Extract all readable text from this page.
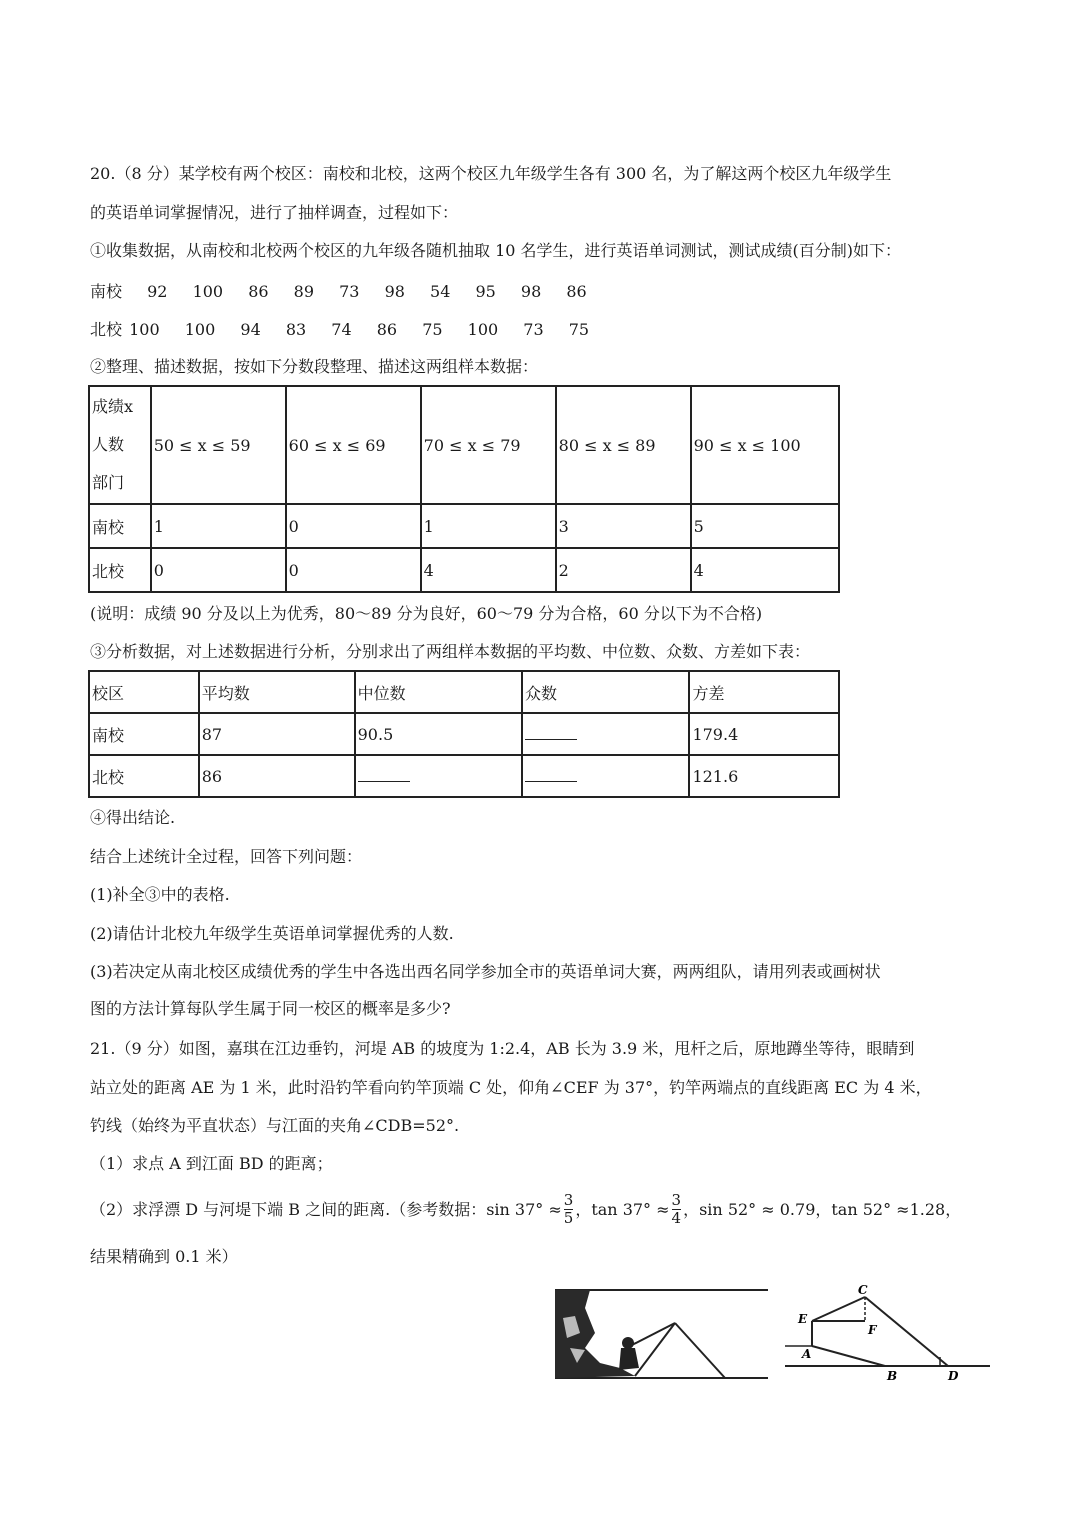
20.（8 分）某学校有两个校区：南校和北校，这两个校区九年级学生各有 300 名，为了解这两个校区九年级学生
的英语单词掌握情况，进行了抽样调查，过程如下：
①收集数据，从南校和北校两个校区的九年级各随机抽取 10 名学生，进行英语单词测试，测试成绩(百分制)如下：
南校 92 100 86 89 73 98 54 95 98 86
北校 100 100 94 83 74 86 75 100 73 75
②整理、描述数据，按如下分数段整理、描述这两组样本数据：
成绩x
人数
部门	50 ≤ x ≤ 59	60 ≤ x ≤ 69	70 ≤ x ≤ 79	80 ≤ x ≤ 89	90 ≤ x ≤ 100
南校	1	0	1	3	5
北校	0	0	4	2	4
(说明：成绩 90 分及以上为优秀，80～89 分为良好，60～79 分为合格，60 分以下为不合格)
③分析数据，对上述数据进行分析，分别求出了两组样本数据的平均数、中位数、众数、方差如下表：
校区	平均数	中位数	众数	方差
南校	87	90.5		179.4
北校	86			121.6
④得出结论.
结合上述统计全过程，回答下列问题：
(1)补全③中的表格.
(2)请估计北校九年级学生英语单词掌握优秀的人数.
(3)若决定从南北校区成绩优秀的学生中各选出西名同学参加全市的英语单词大赛，两两组队，请用列表或画树状
图的方法计算每队学生属于同一校区的概率是多少?
21.（9 分）如图，嘉琪在江边垂钓，河堤 AB 的坡度为 1:2.4，AB 长为 3.9 米，甩杆之后，原地蹲坐等待，眼睛到
站立处的距离 AE 为 1 米，此时沿钓竿看向钓竿顶端 C 处，仰角∠CEF 为 37°，钓竿两端点的直线距离 EC 为 4 米，
钓线（始终为平直状态）与江面的夹角∠CDB=52°.
（1）求点 A 到江面 BD 的距离；
（2）求浮漂 D 与河堤下端 B 之间的距离.（参考数据：$\sin 37^\circ \approx \frac{3}{5}$ ，$\tan 37^\circ \approx \frac{3}{4}$ ，sin 52° ≈ 0.79，tan 52° ≈1.28，
结果精确到 0.1 米）
C
E
F
A
B	D
